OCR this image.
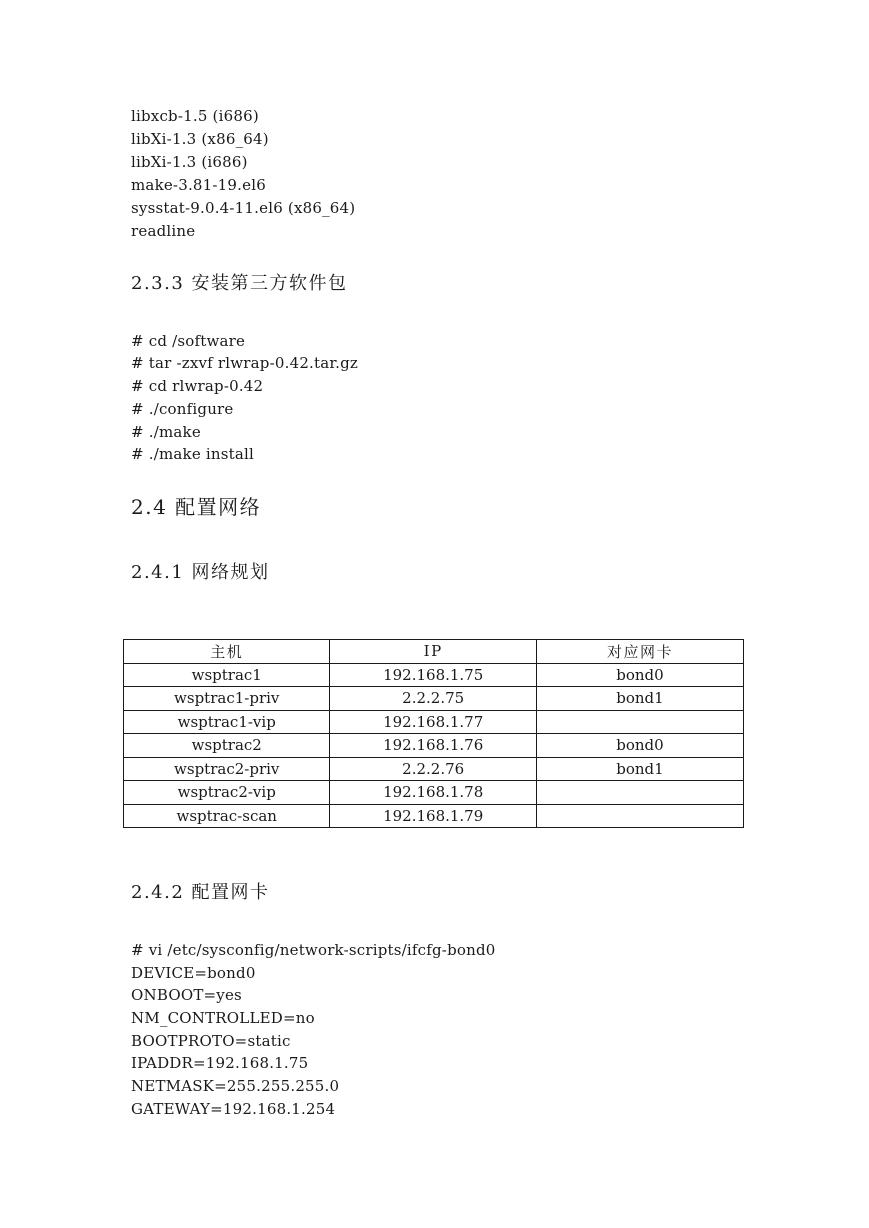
libxcb-1.5 (i686)
libXi-1.3 (x86_64)
libXi-1.3 (i686)
make-3.81-19.el6
sysstat-9.0.4-11.el6 (x86_64)
readline
2.3.3 安装第三方软件包
# cd /software
# tar -zxvf rlwrap-0.42.tar.gz
# cd rlwrap-0.42
# ./configure
# ./make
# ./make install
2.4 配置网络
2.4.1 网络规划
主机	IP	对应网卡
wsptrac1	192.168.1.75	bond0
wsptrac1-priv	2.2.2.75	bond1
wsptrac1-vip	192.168.1.77	
wsptrac2	192.168.1.76	bond0
wsptrac2-priv	2.2.2.76	bond1
wsptrac2-vip	192.168.1.78	
wsptrac-scan	192.168.1.79	
2.4.2 配置网卡
# vi /etc/sysconfig/network-scripts/ifcfg-bond0
DEVICE=bond0
ONBOOT=yes
NM_CONTROLLED=no
BOOTPROTO=static
IPADDR=192.168.1.75
NETMASK=255.255.255.0
GATEWAY=192.168.1.254
